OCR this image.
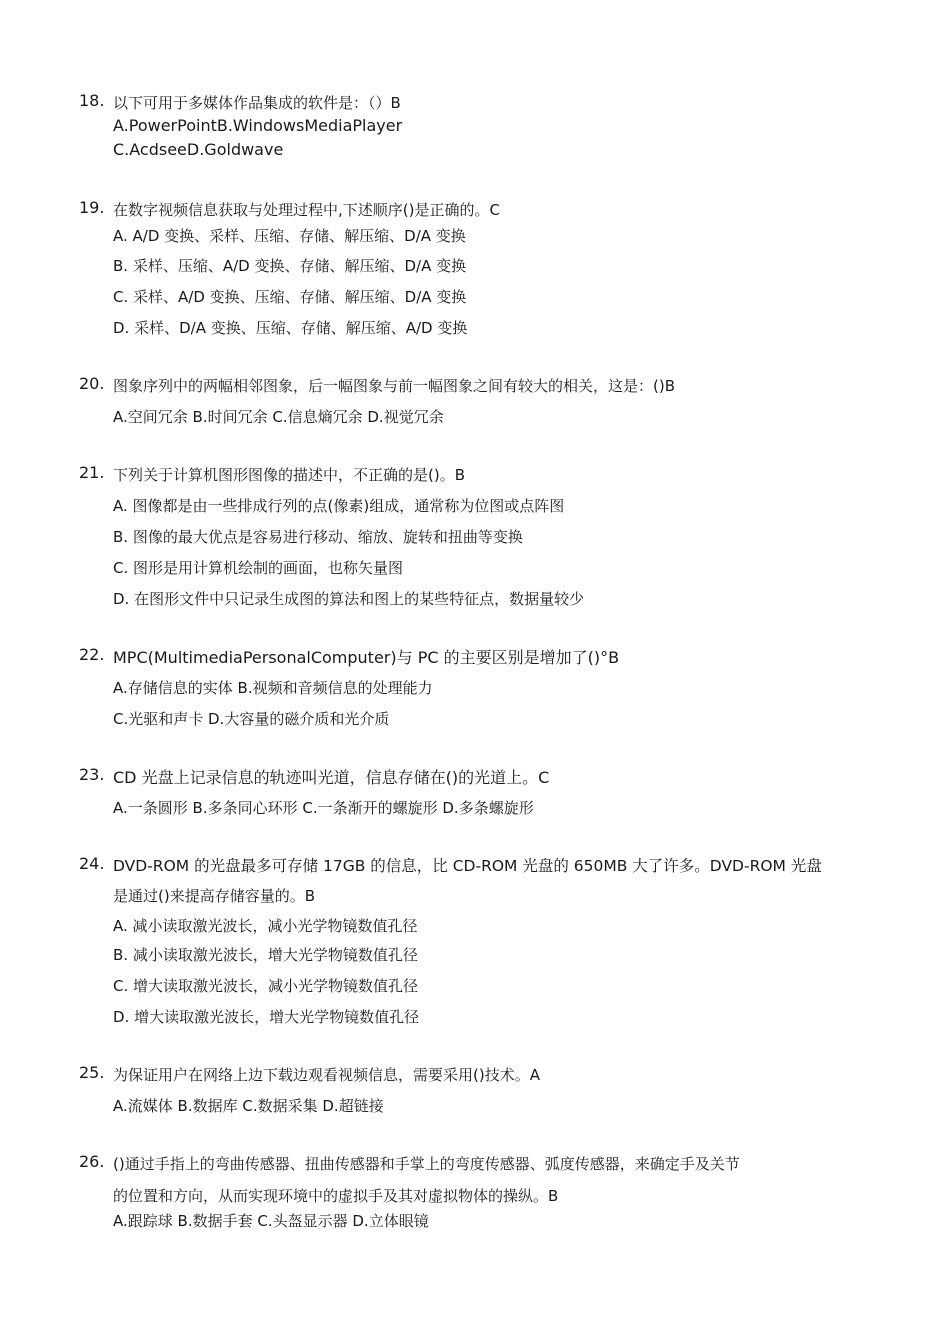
18. 以下可用于多媒体作品集成的软件是：（）B
A.PowerPointB.WindowsMediaPlayer
C.AcdseeD.Goldwave
19. 在数字视频信息获取与处理过程中,下述顺序()是正确的。C
A. A/D 变换、采样、压缩、存储、解压缩、D/A 变换
B. 采样、压缩、A/D 变换、存储、解压缩、D/A 变换
C. 采样、A/D 变换、压缩、存储、解压缩、D/A 变换
D. 采样、D/A 变换、压缩、存储、解压缩、A/D 变换
20. 图象序列中的两幅相邻图象，后一幅图象与前一幅图象之间有较大的相关，这是：()B
A.空间冗余 B.时间冗余 C.信息熵冗余 D.视觉冗余
21. 下列关于计算机图形图像的描述中，不正确的是()。B
A. 图像都是由一些排成行列的点(像素)组成，通常称为位图或点阵图
B. 图像的最大优点是容易进行移动、缩放、旋转和扭曲等变换
C. 图形是用计算机绘制的画面，也称矢量图
D. 在图形文件中只记录生成图的算法和图上的某些特征点，数据量较少
22. MPC(MultimediaPersonalComputer)与 PC 的主要区别是增加了()°B
A.存储信息的实体 B.视频和音频信息的处理能力
C.光驱和声卡 D.大容量的磁介质和光介质
23. CD 光盘上记录信息的轨迹叫光道，信息存储在()的光道上。C
A.一条圆形 B.多条同心环形 C.一条渐开的螺旋形 D.多条螺旋形
24. DVD-ROM 的光盘最多可存储 17GB 的信息，比 CD-ROM 光盘的 650MB 大了许多。DVD-ROM 光盘
是通过()来提高存储容量的。B
A. 减小读取激光波长，减小光学物镜数值孔径
B. 减小读取激光波长，增大光学物镜数值孔径
C. 增大读取激光波长，减小光学物镜数值孔径
D. 增大读取激光波长，增大光学物镜数值孔径
25. 为保证用户在网络上边下载边观看视频信息，需要采用()技术。A
A.流媒体 B.数据库 C.数据采集 D.超链接
26. ()通过手指上的弯曲传感器、扭曲传感器和手掌上的弯度传感器、弧度传感器，来确定手及关节
的位置和方向，从而实现环境中的虚拟手及其对虚拟物体的操纵。B
A.跟踪球 B.数据手套 C.头盔显示器 D.立体眼镜
